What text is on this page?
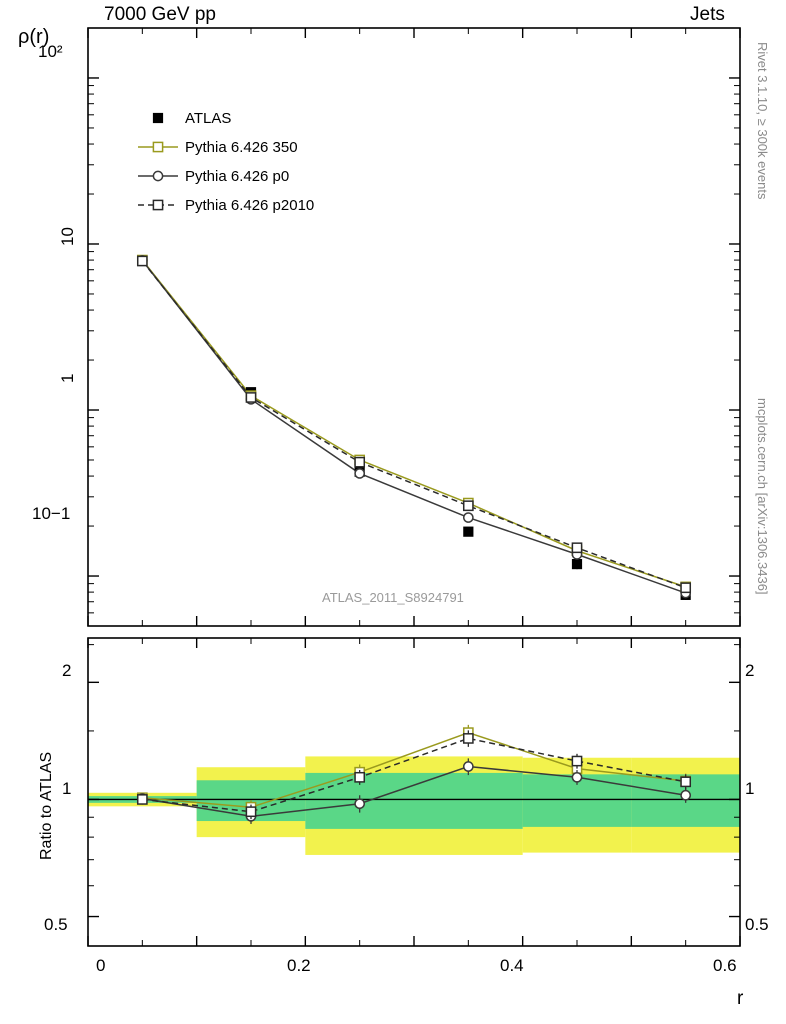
7000 GeV pp	Jets
Rivet 3.1.10, ≥ 300k events
mcplots.cern.ch [arXiv:1306.3436]
ρ(r)
10²
10
1
10−1
ATLAS_2011_S8924791
2
1
0.5
2
1
0.5
Ratio to ATLAS
0	0.2	0.4	0.6
r
ATLAS
Pythia 6.426 350
Pythia 6.426 p0
Pythia 6.426 p2010
